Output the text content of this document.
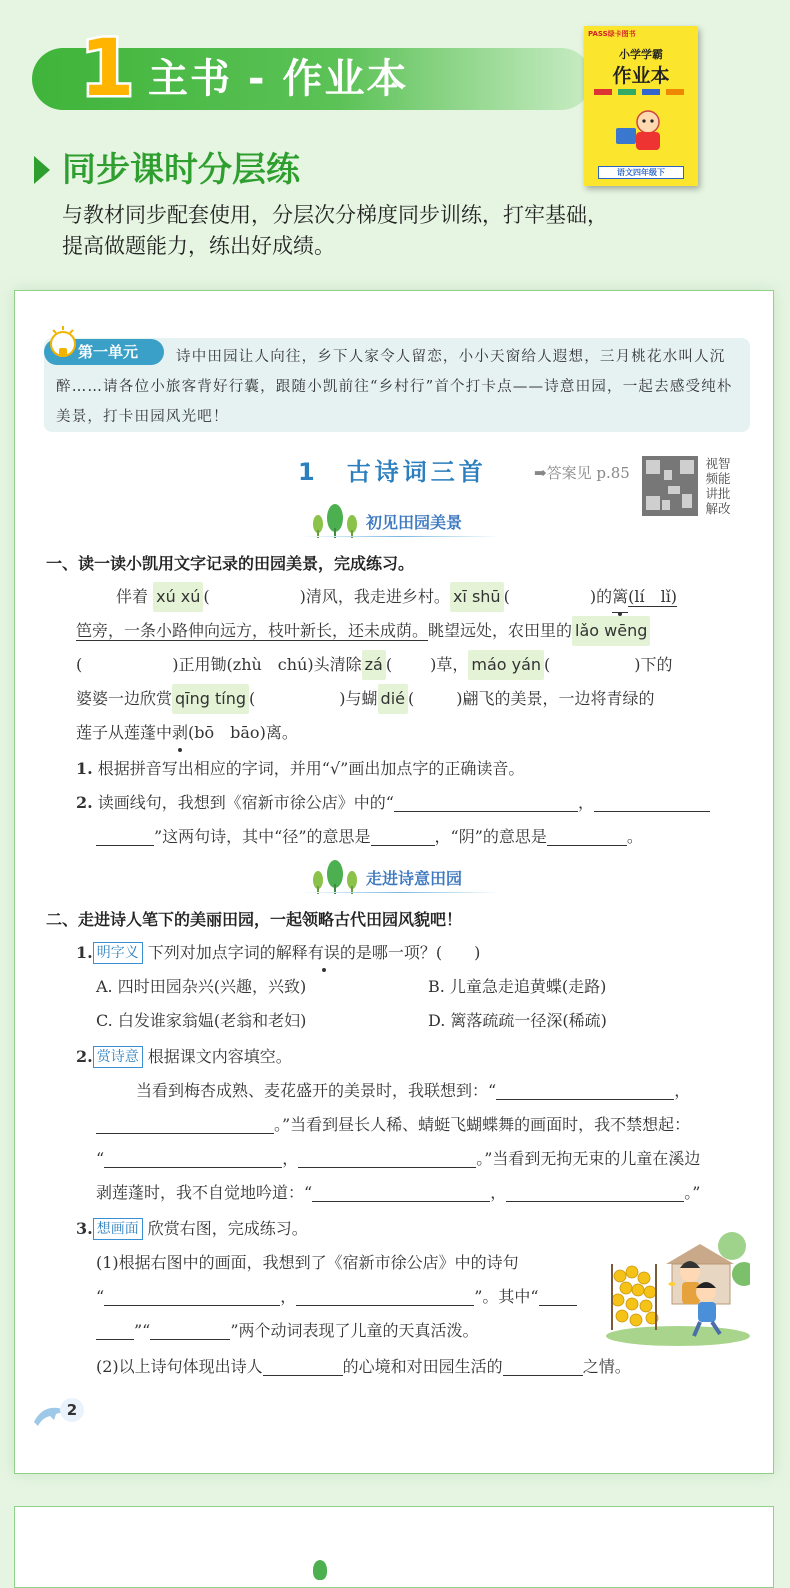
1 主书 - 作业本
PASS绿卡图书
小学学霸
作业本
语文四年级下
同步课时分层练
与教材同步配套使用，分层次分梯度同步训练，打牢基础，
提高做题能力，练出好成绩。
第一单元	诗中田园让人向往，乡下人家令人留恋，小小天窗给人遐想，三月桃花水叫人沉醉……请各位小旅客背好行囊，跟随小凯前往“乡村行”首个打卡点——诗意田园，一起去感受纯朴美景，打卡田园风光吧！
1　古诗词三首	➡答案见 p.85
视智
频能
讲批
解改
初见田园美景
一、读一读小凯用文字记录的田园美景，完成练习。
伴着 xú xú (	)清风，我走进乡村。 xī shū (	)的篱(lí　lǐ)
笆旁，一条小路伸向远方，枝叶新长，还未成荫。眺望远处，农田里的 lǎo wēng
(	)正用锄(zhù　chú)头清除 zá ( )草， máo yán (	)下的
婆婆一边欣赏 qīng tíng (	)与蝴 dié (	)翩飞的美景，一边将青绿的
莲子从莲蓬中剥(bō　bāo)离。
1. 根据拼音写出相应的字词，并用“√”画出加点字的正确读音。
2. 读画线句，我想到《宿新市徐公店》中的“	，
”这两句诗，其中“径”的意思是	，“阴”的意思是	。
走进诗意田园
二、走进诗人笔下的美丽田园，一起领略古代田园风貌吧！
1. 明字义 下列对加点字词的解释有误的是哪一项？(　　)
A. 四时田园杂兴(兴趣，兴致)	B. 儿童急走追黄蝶(走路)
C. 白发谁家翁媪(老翁和老妇)	D. 篱落疏疏一径深(稀疏)
2. 赏诗意 根据课文内容填空。
当看到梅杏成熟、麦花盛开的美景时，我联想到：“	，
。”当看到昼长人稀、蜻蜓飞蝴蝶舞的画面时，我不禁想起：
“	，	。”当看到无拘无束的儿童在溪边
剥莲蓬时，我不自觉地吟道：“	，	。”
3. 想画面 欣赏右图，完成练习。
(1)根据右图中的画面，我想到了《宿新市徐公店》中的诗句
“	，	”。其中“
”“	”两个动词表现了儿童的天真活泼。
(2)以上诗句体现出诗人	的心境和对田园生活的	之情。
2
